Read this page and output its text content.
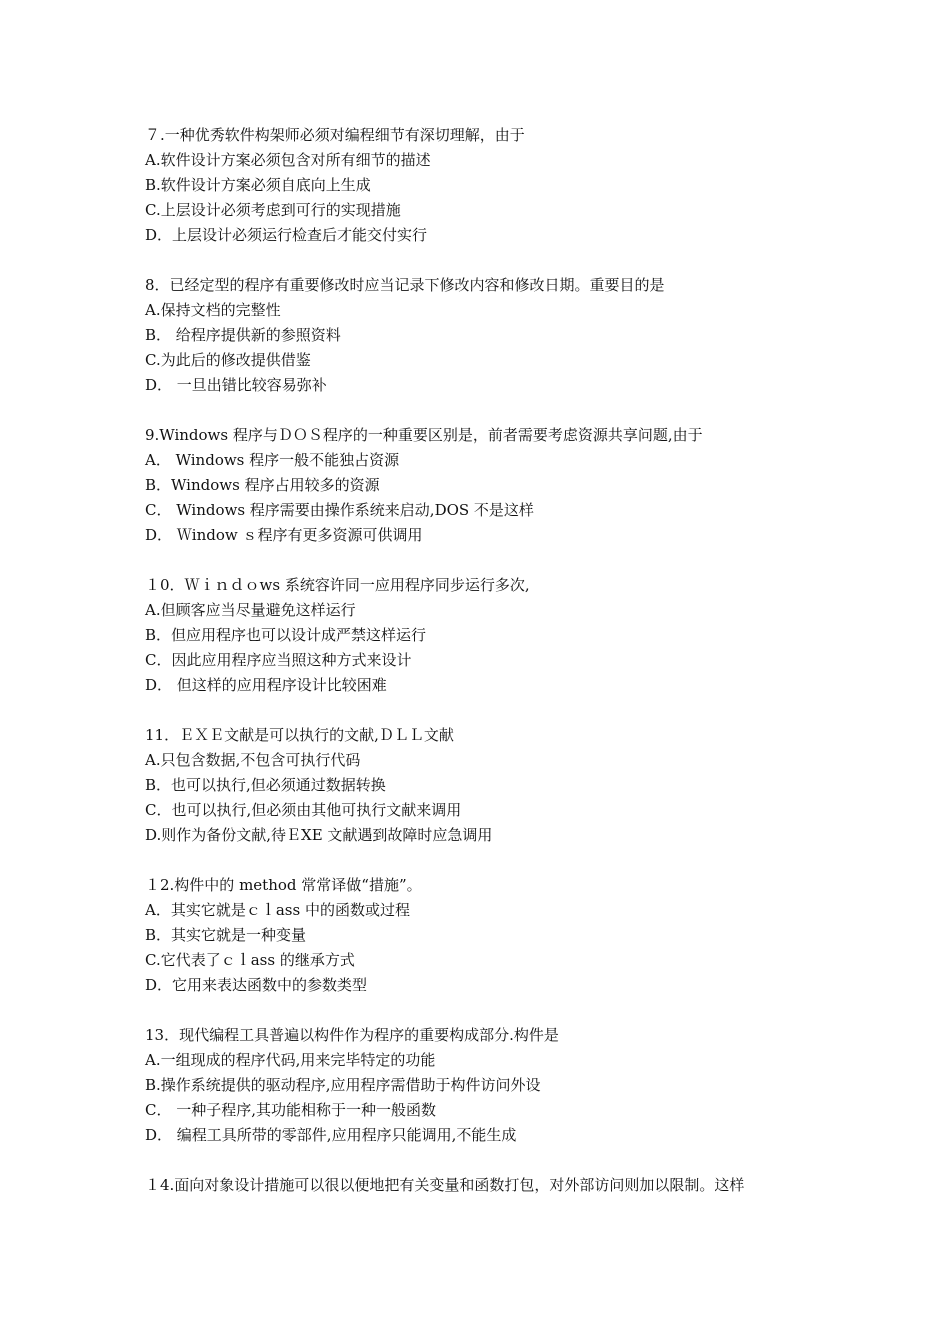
７.一种优秀软件构架师必须对编程细节有深切理解，由于
A.软件设计方案必须包含对所有细节的描述
B.软件设计方案必须自底向上生成
C.上层设计必须考虑到可行的实现措施
D．上层设计必须运行检查后才能交付实行
8．已经定型的程序有重要修改时应当记录下修改内容和修改日期。重要目的是
A.保持文档的完整性
B． 给程序提供新的参照资料
C.为此后的修改提供借鉴
D． 一旦出错比较容易弥补
9.Windows 程序与ＤＯＳ程序的一种重要区别是，前者需要考虑资源共享问题,由于
A． Windows 程序一般不能独占资源
B．Windows 程序占用较多的资源
C． Windows 程序需要由操作系统来启动,DOS 不是这样
D． Ｗindow ｓ程序有更多资源可供调用
１0．Ｗｉｎｄｏws 系统容许同一应用程序同步运行多次,
A.但顾客应当尽量避免这样运行
B．但应用程序也可以设计成严禁这样运行
C．因此应用程序应当照这种方式来设计
D． 但这样的应用程序设计比较困难
11．ＥＸＥ文献是可以执行的文献,ＤＬＬ文献
A.只包含数据,不包含可执行代码
B．也可以执行,但必须通过数据转换
C．也可以执行,但必须由其他可执行文献来调用
D.则作为备份文献,待ＥXE 文献遇到故障时应急调用
１2.构件中的 method 常常译做“措施”。
A．其实它就是ｃｌass 中的函数或过程
B．其实它就是一种变量
C.它代表了ｃｌass 的继承方式
D．它用来表达函数中的参数类型
13．现代编程工具普遍以构件作为程序的重要构成部分.构件是
A.一组现成的程序代码,用来完毕特定的功能
B.操作系统提供的驱动程序,应用程序需借助于构件访问外设
C． 一种子程序,其功能相称于一种一般函数
D． 编程工具所带的零部件,应用程序只能调用,不能生成
１4.面向对象设计措施可以很以便地把有关变量和函数打包，对外部访问则加以限制。这样
